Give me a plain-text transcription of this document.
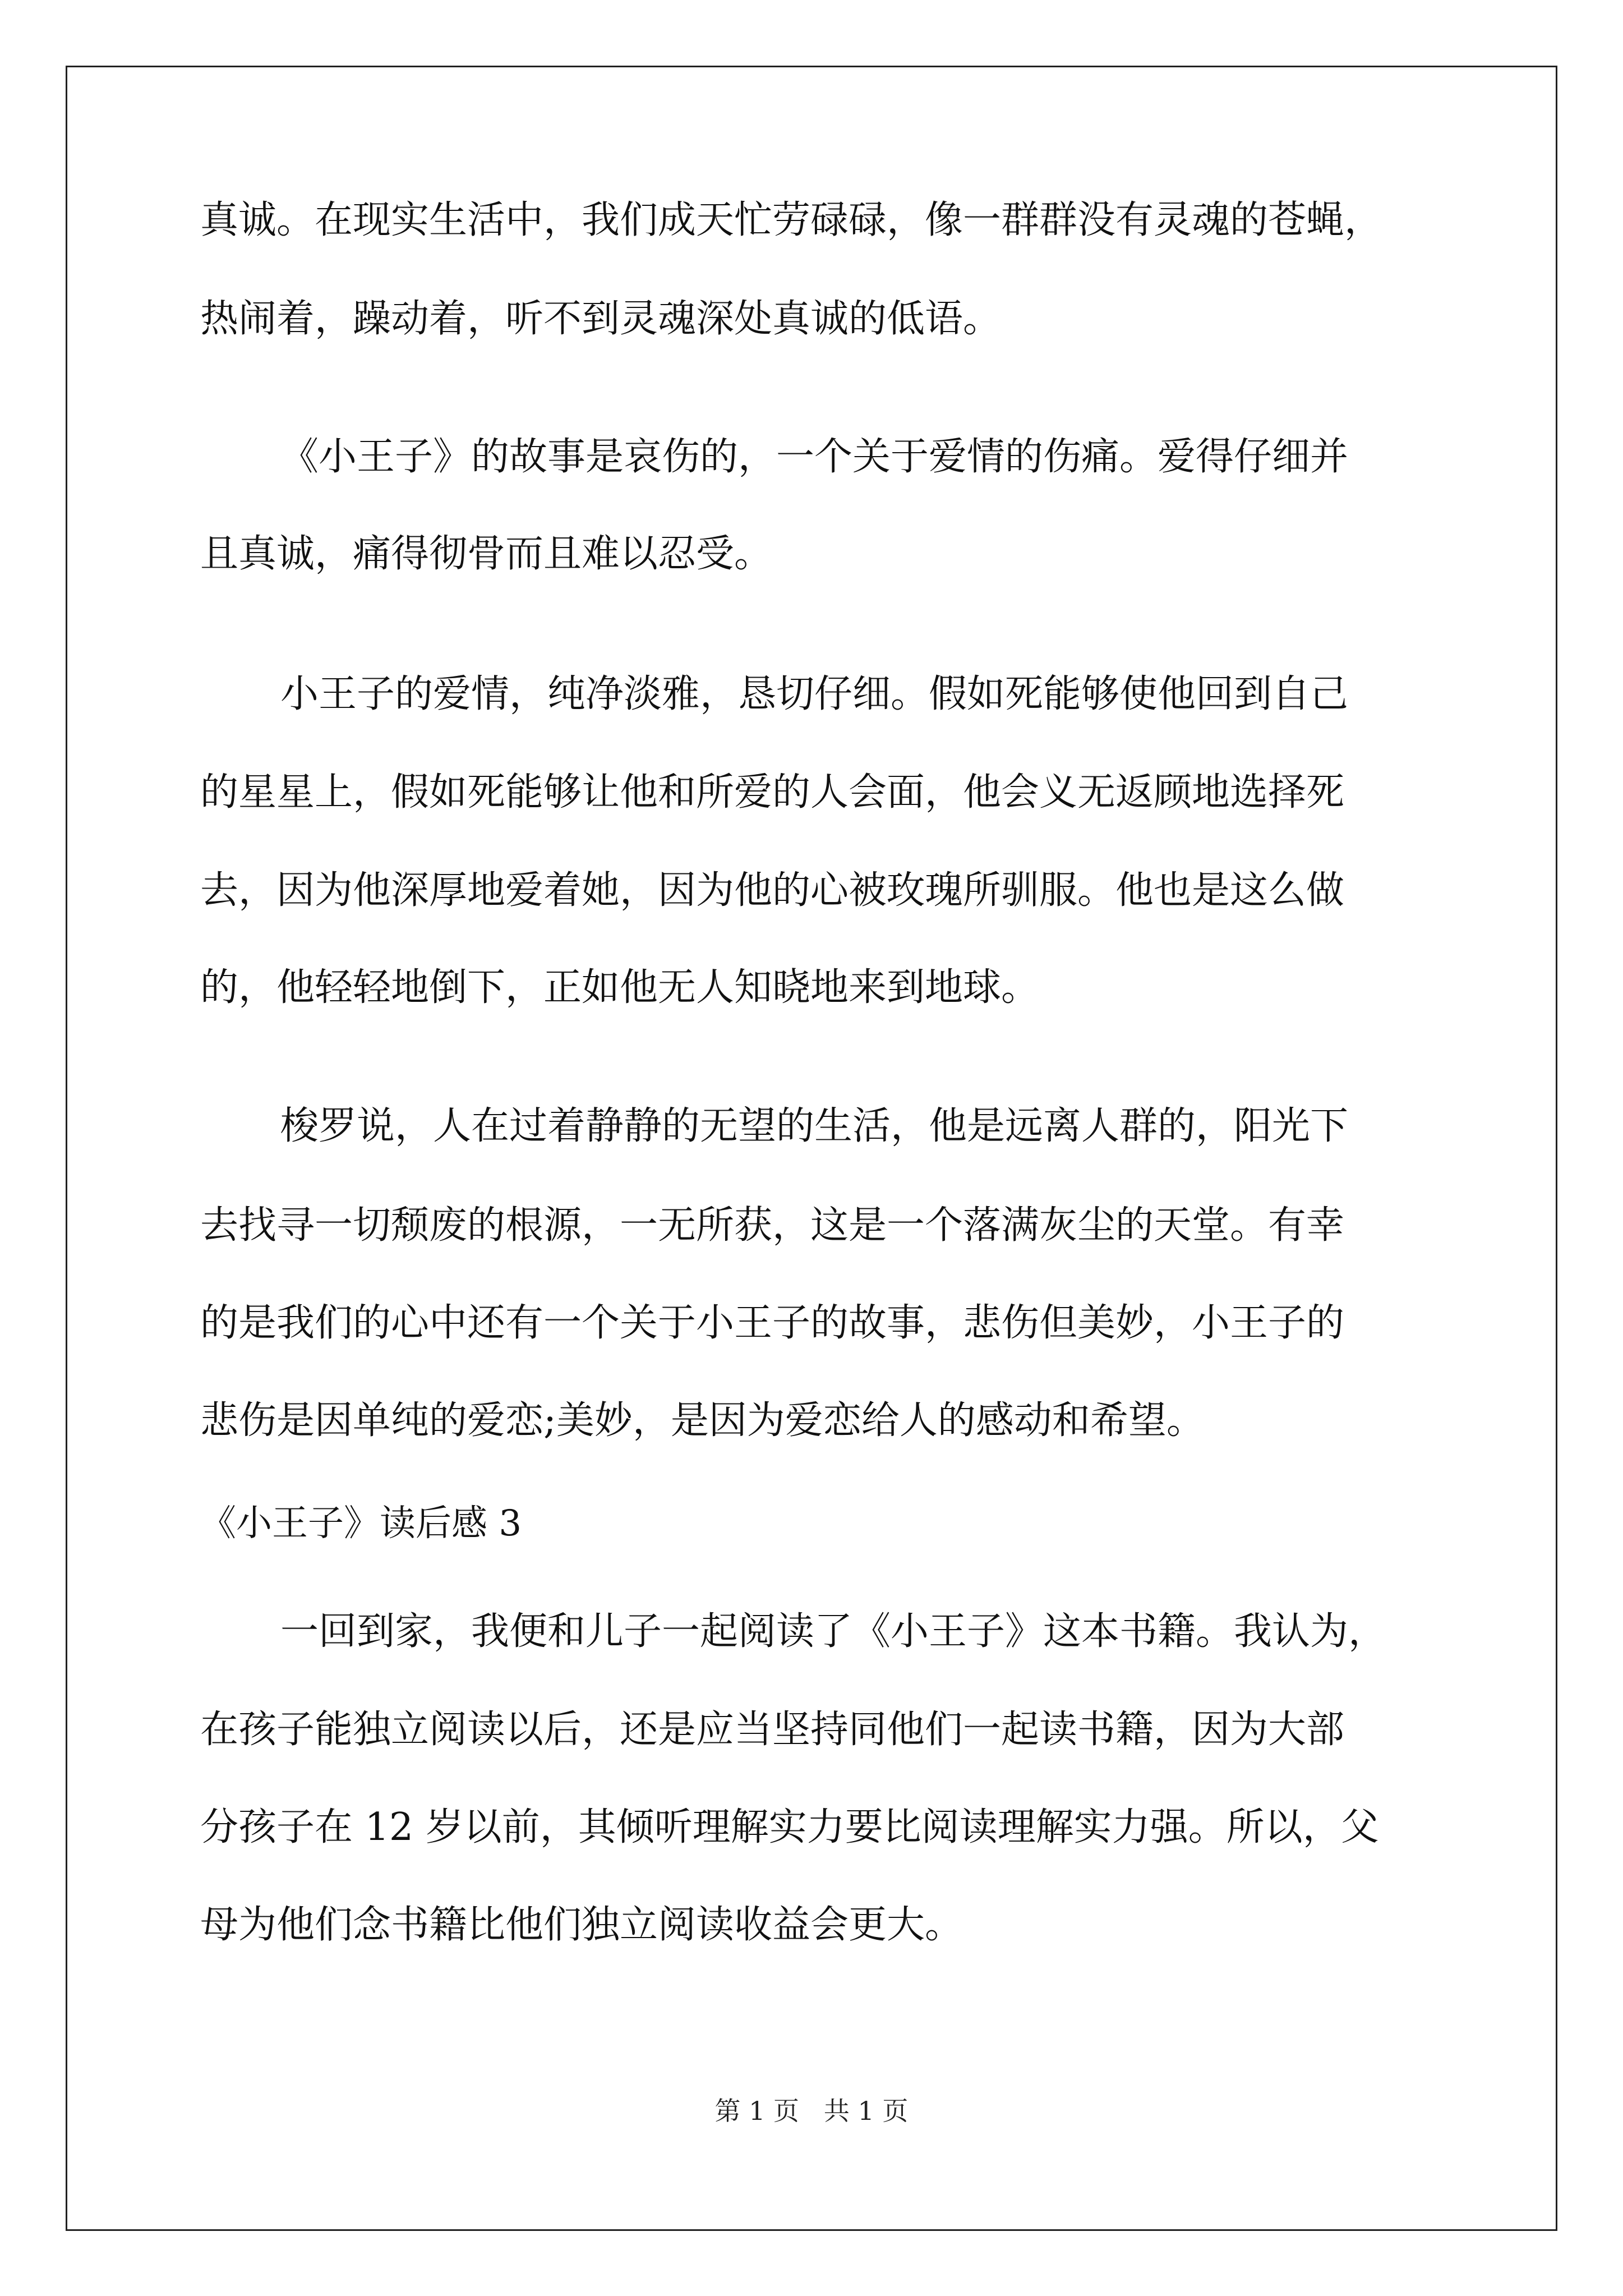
真诚。在现实生活中，我们成天忙劳碌碌，像一群群没有灵魂的苍蝇，
热闹着，躁动着，听不到灵魂深处真诚的低语。
《小王子》的故事是哀伤的，一个关于爱情的伤痛。爱得仔细并
且真诚，痛得彻骨而且难以忍受。
小王子的爱情，纯净淡雅，恳切仔细。假如死能够使他回到自己
的星星上，假如死能够让他和所爱的人会面，他会义无返顾地选择死
去，因为他深厚地爱着她，因为他的心被玫瑰所驯服。他也是这么做
的，他轻轻地倒下，正如他无人知晓地来到地球。
梭罗说，人在过着静静的无望的生活，他是远离人群的，阳光下
去找寻一切颓废的根源，一无所获，这是一个落满灰尘的天堂。有幸
的是我们的心中还有一个关于小王子的故事，悲伤但美妙，小王子的
悲伤是因单纯的爱恋;美妙，是因为爱恋给人的感动和希望。
《小王子》读后感 3
一回到家，我便和儿子一起阅读了《小王子》这本书籍。我认为，
在孩子能独立阅读以后，还是应当坚持同他们一起读书籍，因为大部
分孩子在 12 岁以前，其倾听理解实力要比阅读理解实力强。所以，父
母为他们念书籍比他们独立阅读收益会更大。
第 1 页   共 1 页
